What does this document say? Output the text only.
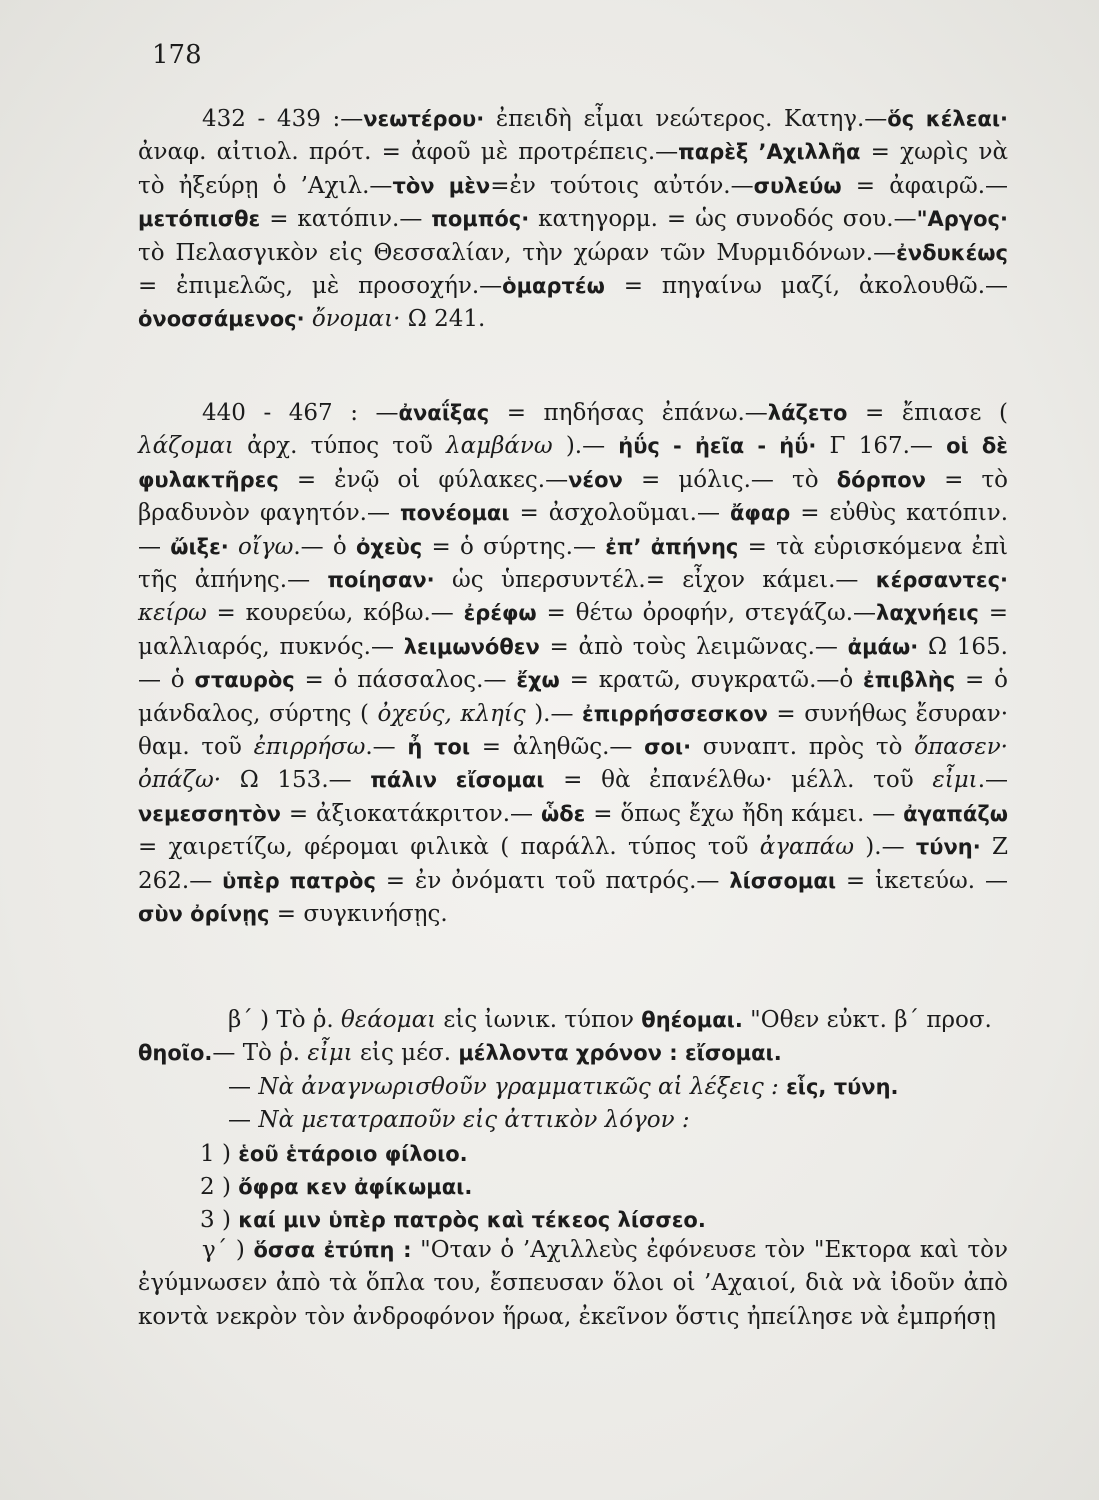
178

432 - 439 :—νεωτέρου· ἐπειδὴ εἶμαι νεώτερος. Κατηγ.—ὅς κέλεαι· ἀναφ. αἰτιολ. πρότ. = ἀφοῦ μὲ προτρέπεις.—παρὲξ ’Αχιλλῆα = χωρὶς νὰ τὸ ἠξεύρῃ ὁ ’Αχιλ.—τὸν μὲν=ἐν τούτοις αὐτόν.—συλεύω = ἀφαιρῶ.— μετόπισθε = κατόπιν.— πομπός· κατηγορμ. = ὡς συνοδός σου.—"Αργος· τὸ Πελασγικὸν εἰς Θεσσαλίαν, τὴν χώραν τῶν Μυρμιδόνων.—ἐνδυκέως = ἐπιμελῶς, μὲ προσοχήν.—ὁμαρτέω = πηγαίνω μαζί, ἀκολουθῶ.— ὀνοσσάμενος· ὄνομαι· Ω 241.

440 - 467 : —ἀναΐξας = πηδήσας ἐπάνω.—λάζετο = ἔπιασε ( λάζομαι ἀρχ. τύπος τοῦ λαμβάνω ).— ἠΰς - ἠεῖα - ἠΰ· Γ 167.— οἱ δὲ φυλακτῆρες = ἐνῷ οἱ φύλακες.—νέον = μόλις.— τὸ δόρπον = τὸ βραδυνὸν φαγητόν.— πονέομαι = ἀσχολοῦμαι.— ἄφαρ = εὐθὺς κατόπιν.— ὤιξε· οἴγω.— ὁ ὀχεὺς = ὁ σύρτης.— ἐπ’ ἀπήνης = τὰ εὑρισκόμενα ἐπὶ τῆς ἀπήνης.— ποίησαν· ὡς ὑπερσυντέλ.= εἶχον κάμει.— κέρσαντες· κείρω = κουρεύω, κόβω.— ἐρέφω = θέτω ὀροφήν, στεγάζω.—λαχνήεις = μαλλιαρός, πυκνός.— λειμωνόθεν = ἀπὸ τοὺς λειμῶνας.— ἀμάω· Ω 165. — ὁ σταυρὸς = ὁ πάσσαλος.— ἔχω = κρατῶ, συγκρατῶ.—ὁ ἐπιβλὴς = ὁ μάνδαλος, σύρτης ( ὀχεύς, κληίς ).— ἐπιρρήσσεσκον = συνήθως ἔσυραν· θαμ. τοῦ ἐπιρρήσω.— ἦ τοι = ἀληθῶς.— σοι· συναπτ. πρὸς τὸ ὄπασεν· ὀπάζω· Ω 153.— πάλιν εἴσομαι = θὰ ἐπανέλθω· μέλλ. τοῦ εἶμι.— νεμεσσητὸν = ἀξιοκατάκριτον.— ὧδε = ὅπως ἔχω ἤδη κάμει. — ἀγαπάζω = χαιρετίζω, φέρομαι φιλικὰ ( παράλλ. τύπος τοῦ ἀγαπάω ).— τύνη· Ζ 262.— ὑπὲρ πατρὸς = ἐν ὀνόματι τοῦ πατρός.— λίσσομαι = ἱκετεύω. — σὺν ὀρίνῃς = συγκινήσῃς.

β΄ ) Τὸ ῥ. θεάομαι εἰς ἰωνικ. τύπον θηέομαι. "Οθεν εὐκτ. β΄ προσ.

θηοῖο.— Τὸ ῥ. εἶμι εἰς μέσ. μέλλοντα χρόνον : εἴσομαι.

— Νὰ ἀναγνωρισθοῦν γραμματικῶς αἱ λέξεις : εἷς, τύνη.

— Νὰ μετατραποῦν εἰς ἀττικὸν λόγον :

1 ) ἑοῦ ἑτάροιο φίλοιο.

2 ) ὄφρα κεν ἀφίκωμαι.

3 ) καί μιν ὑπὲρ πατρὸς καὶ τέκεος λίσσεο.

γ΄ ) ὅσσα ἐτύπη : "Οταν ὁ ’Αχιλλεὺς ἐφόνευσε τὸν "Εκτορα καὶ τὸν ἐγύμνωσεν ἀπὸ τὰ ὅπλα του, ἔσπευσαν ὅλοι οἱ ’Αχαιοί, διὰ νὰ ἰδοῦν ἀπὸ κοντὰ νεκρὸν τὸν ἀνδροφόνον ἥρωα, ἐκεῖνον ὅστις ἠπείλησε νὰ ἐμπρήσῃ
